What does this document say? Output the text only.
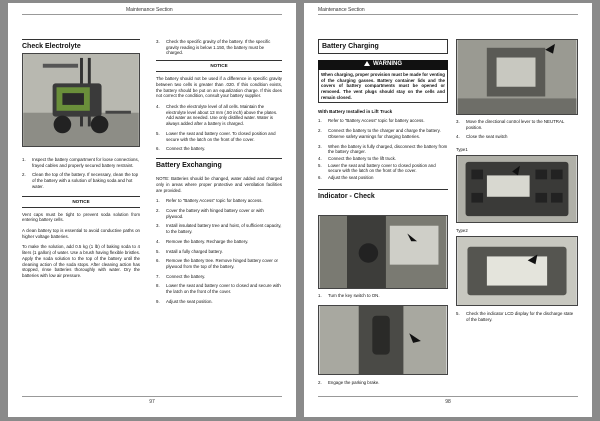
Maintenance Section
Check Electrolyte
1.	Inspect the battery compartment for loose connections, frayed cables and properly secured battery restraint.
2.	Clean the top of the battery. If necessary, clean the top of the battery with a solution of baking soda and hot water.
NOTICE
Vent caps must be tight to prevent soda solution from entering battery cells.
A clean battery top is essential to avoid conductive paths on higher voltage batteries.
To make the solution, add 0.5 kg (1 lb) of baking soda to 4 liters (1 gallon) of water. Use a brush having flexible bristles. Apply the soda solution to the top of the battery until the cleaning action of the soda stops. After cleaning action has stopped, rinse batteries thoroughly with water. Dry the batteries with low air pressure.
3.	Check the specific gravity of the battery. If the specific gravity reading is below 1.150, the battery must be charged.
NOTICE
The battery should not be used if a difference in specific gravity between two cells is greater than .020. If this condition exists, the battery should be put on an equalization charge. If this does not correct the condition, consult your battery supplier.
4.	Check the electrolyte level of all cells. Maintain the electrolyte level about 13 mm (.50 inch) above the plates. Add water as needed. Use only distilled water. Water is always added after a battery is charged.
5.	Lower the seat and battery cover. To closed position and secure with the latch on the front of the cover.
6.	Connect the battery.
Battery Exchanging
NOTE: Batteries should be changed, water added and charged only in areas where proper protective and ventilation facilities are provided.
1.	Refer to "Battery Access" topic for battery access.
2.	Cover the battery with hinged battery cover or with plywood.
3.	Install insulated battery tree and hoist, of sufficient capacity, to the battery.
4.	Remove the battery. Recharge the battery.
5.	Install a fully charged battery.
6.	Remove the battery tree. Remove hinged battery cover or plywood from the top of the battery.
7.	Connect the battery.
8.	Lower the seat and battery cover to closed and secure with the latch on the front of the cover.
9.	Adjust the seat position.
97
Maintenance Section
Battery Charging
WARNING
When charging, proper provision must be made for venting of the charging gasses. Battery container lids and the covers of battery compartments must be opened or removed. The vent plugs should stay on the cells and remain closed.
With Battery Installed in Lift Truck
1.	Refer to "Battery Access" topic for battery access.
2.	Connect the battery to the charger and charge the battery. Observe safety warnings for charging batteries.
3.	When the battery is fully charged, disconnect the battery from the battery charger.
4.	Connect the battery to the lift truck.
5.	Lower the seat and battery cover to closed position and secure with the latch on the front of the cover.
6.	Adjust the seat position
Indicator - Check
1.	Turn the key switch to ON.
2.	Engage the parking brake.
3.	Move the directional control lever to the NEUTRAL position.
4.	Close the seat switch
Type1
Type2
5.	Check the indicator LCD display for the discharge state of the battery.
98
